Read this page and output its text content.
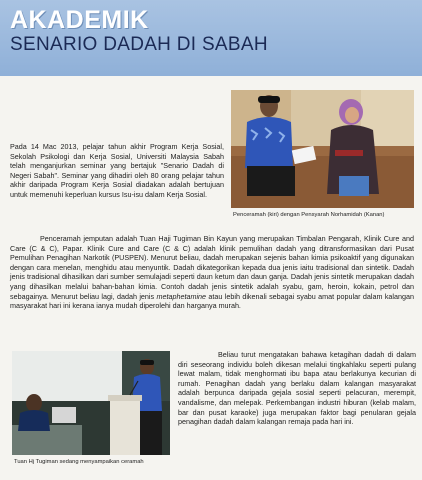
AKADEMIK
SENARIO DADAH DI SABAH
Penceramah (kiri) dengan Pensyarah Norhamidah (Kanan)
Pada 14 Mac 2013, pelajar tahun akhir Program Kerja Sosial, Sekolah Psikologi dan Kerja Sosial, Universiti Malaysia Sabah telah menganjurkan seminar yang bertajuk "Senario Dadah di Negeri Sabah". Seminar yang dihadiri oleh 80 orang pelajar tahun akhir daripada Program Kerja Sosial diadakan adalah bertujuan untuk memenuhi keperluan kursus Isu-isu dalam Kerja Sosial.
Penceramah jemputan adalah Tuan Haji Tugiman Bin Kayun yang merupakan Timbalan Pengarah, Klinik Cure and Care (C & C), Papar. Klinik Cure and Care (C & C) adalah klinik pemulihan dadah yang ditransformasikan dari Pusat Pemulihan Penagihan Narkotik (PUSPEN). Menurut beliau, dadah merupakan sejenis bahan kimia psikoaktif yang digunakan dengan cara menelan, menghidu atau menyuntik. Dadah dikategorikan kepada dua jenis iaitu tradisional dan sintetik. Dadah jenis tradisional dihasilkan dari sumber semulajadi seperti daun ketum dan daun ganja. Dadah jenis sintetik merupakan dadah yang dihasilkan melalui bahan-bahan kimia. Contoh dadah jenis sintetik adalah syabu, gam, heroin, kokain, petrol dan sebagainya. Menurut beliau lagi, dadah jenis metaphetamine atau lebih dikenali sebagai syabu amat popular dalam kalangan masyarakat hari ini kerana ianya mudah diperolehi dan harganya murah.
Tuan Hj Tugiman sedang menyampaikan ceramah
Beliau turut mengatakan bahawa ketagihan dadah di dalam diri seseorang individu boleh dikesan melalui tingkahlaku seperti pulang lewat malam, tidak menghormati ibu bapa atau berlakunya kecurian di rumah. Penagihan dadah yang berlaku dalam kalangan masyarakat adalah berpunca daripada gejala sosial seperti pelacuran, merempit, vandalisme, dan melepak. Perkembangan industri hiburan (kelab malam, bar dan pusat karaoke) juga merupakan faktor bagi penularan gejala penagihan dadah dalam kalangan remaja pada hari ini.
